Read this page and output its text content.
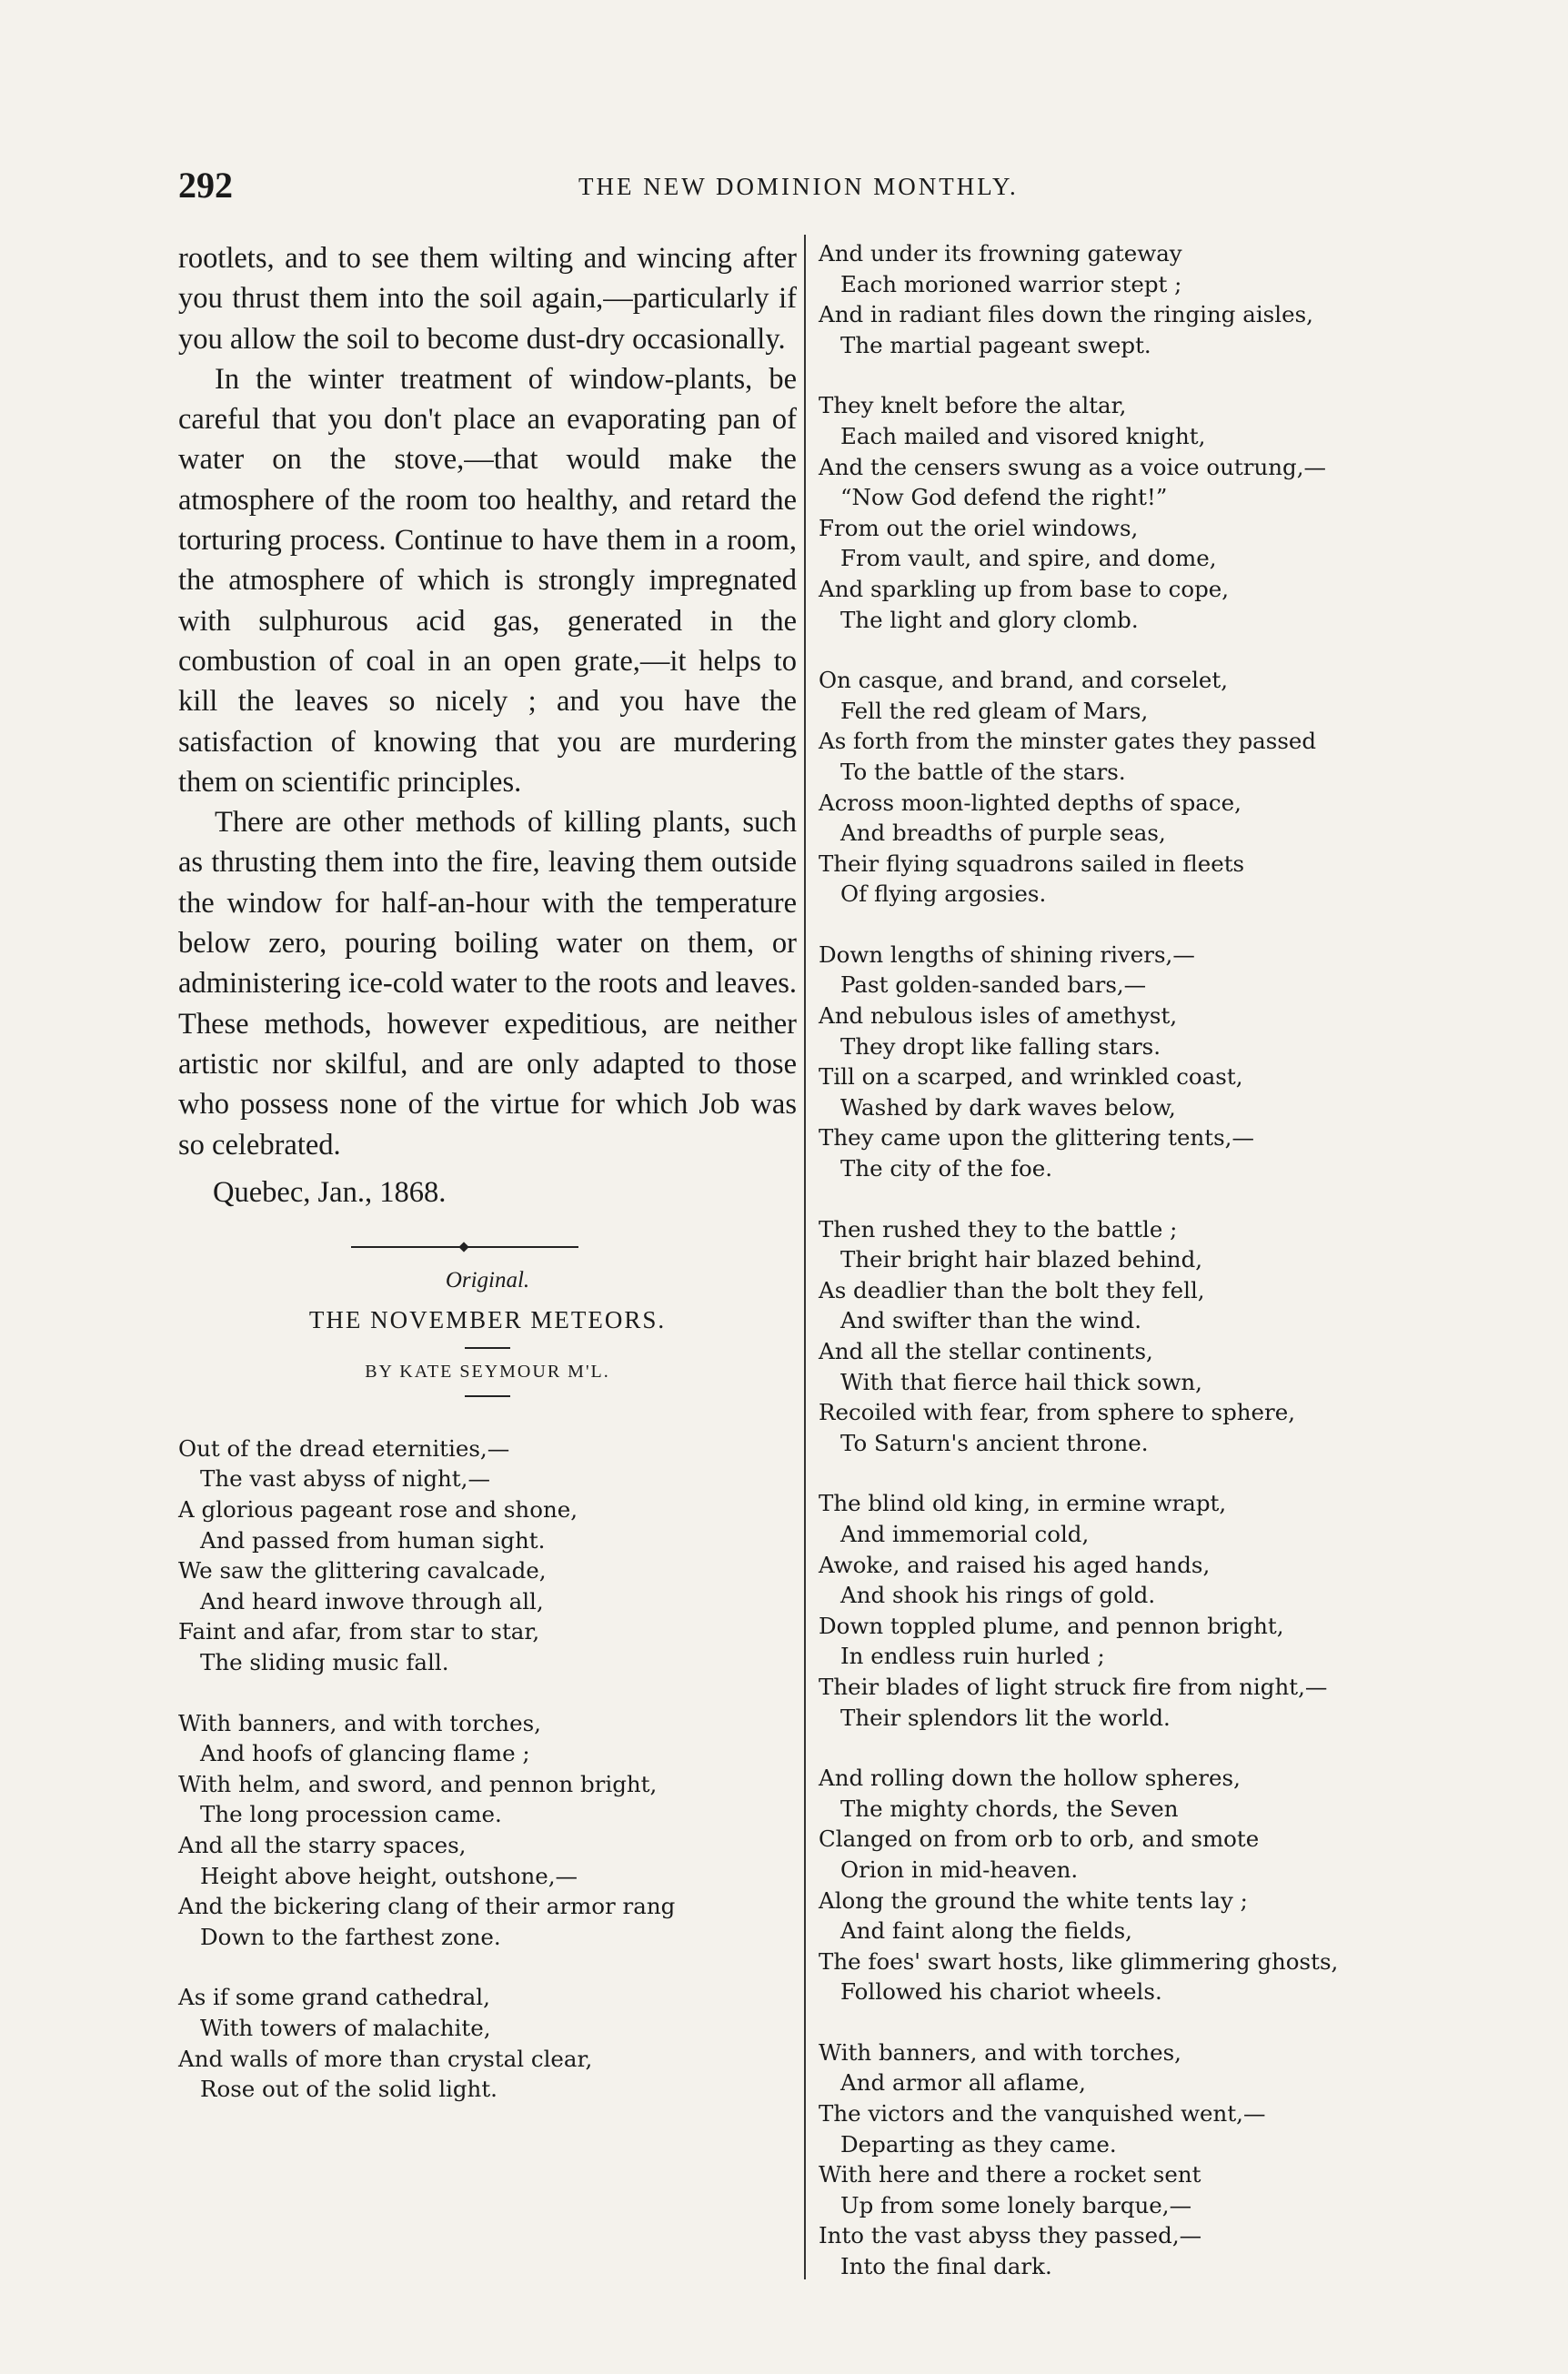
292	THE NEW DOMINION MONTHLY.

rootlets, and to see them wilting and wincing after you thrust them into the soil again,—particularly if you allow the soil to become dust-dry occasionally.

In the winter treatment of window-plants, be careful that you don't place an evaporating pan of water on the stove,—that would make the atmosphere of the room too healthy, and retard the torturing process. Continue to have them in a room, the atmosphere of which is strongly impregnated with sulphurous acid gas, generated in the combustion of coal in an open grate,—it helps to kill the leaves so nicely ; and you have the satisfaction of knowing that you are murdering them on scientific principles.

There are other methods of killing plants, such as thrusting them into the fire, leaving them outside the window for half-an-hour with the temperature below zero, pouring boiling water on them, or administering ice-cold water to the roots and leaves. These methods, however expeditious, are neither artistic nor skilful, and are only adapted to those who possess none of the virtue for which Job was so celebrated.

Quebec, Jan., 1868.
Original.
THE NOVEMBER METEORS.
BY KATE SEYMOUR M'L.
Out of the dread eternities,—
The vast abyss of night,—
A glorious pageant rose and shone,
And passed from human sight.
We saw the glittering cavalcade,
And heard inwove through all,
Faint and afar, from star to star,
The sliding music fall.
With banners, and with torches,
And hoofs of glancing flame ;
With helm, and sword, and pennon bright,
The long procession came.
And all the starry spaces,
Height above height, outshone,—
And the bickering clang of their armor rang
Down to the farthest zone.
As if some grand cathedral,
With towers of malachite,
And walls of more than crystal clear,
Rose out of the solid light.
And under its frowning gateway
Each morioned warrior stept ;
And in radiant files down the ringing aisles,
The martial pageant swept.
They knelt before the altar,
Each mailed and visored knight,
And the censers swung as a voice outrung,—
“Now God defend the right!”
From out the oriel windows,
From vault, and spire, and dome,
And sparkling up from base to cope,
The light and glory clomb.
On casque, and brand, and corselet,
Fell the red gleam of Mars,
As forth from the minster gates they passed
To the battle of the stars.
Across moon-lighted depths of space,
And breadths of purple seas,
Their flying squadrons sailed in fleets
Of flying argosies.
Down lengths of shining rivers,—
Past golden-sanded bars,—
And nebulous isles of amethyst,
They dropt like falling stars.
Till on a scarped, and wrinkled coast,
Washed by dark waves below,
They came upon the glittering tents,—
The city of the foe.
Then rushed they to the battle ;
Their bright hair blazed behind,
As deadlier than the bolt they fell,
And swifter than the wind.
And all the stellar continents,
With that fierce hail thick sown,
Recoiled with fear, from sphere to sphere,
To Saturn's ancient throne.
The blind old king, in ermine wrapt,
And immemorial cold,
Awoke, and raised his aged hands,
And shook his rings of gold.
Down toppled plume, and pennon bright,
In endless ruin hurled ;
Their blades of light struck fire from night,—
Their splendors lit the world.
And rolling down the hollow spheres,
The mighty chords, the Seven
Clanged on from orb to orb, and smote
Orion in mid-heaven.
Along the ground the white tents lay ;
And faint along the fields,
The foes' swart hosts, like glimmering ghosts,
Followed his chariot wheels.
With banners, and with torches,
And armor all aflame,
The victors and the vanquished went,—
Departing as they came.
With here and there a rocket sent
Up from some lonely barque,—
Into the vast abyss they passed,—
Into the final dark.
